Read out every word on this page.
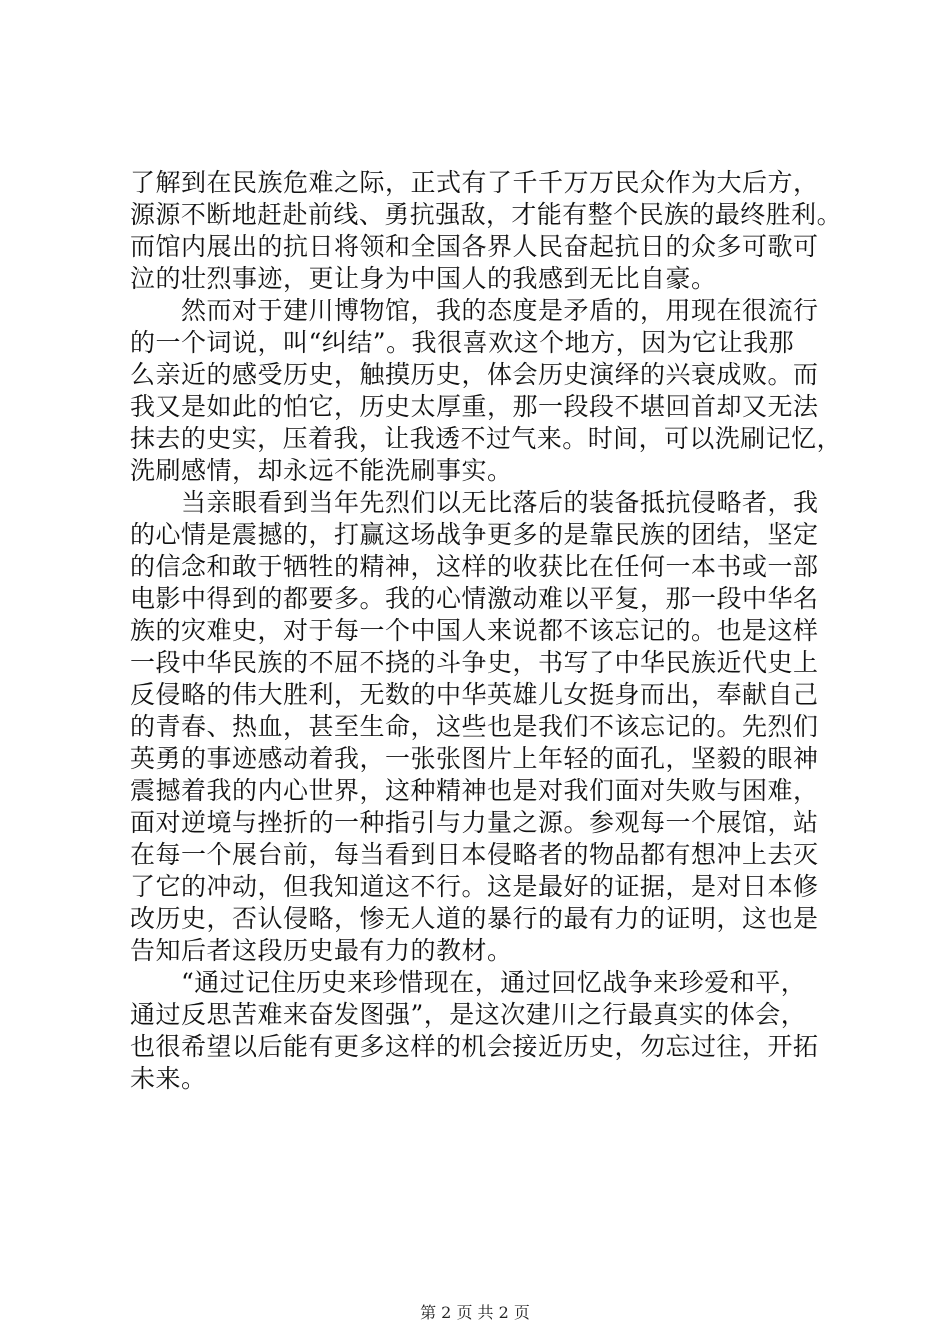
了解到在民族危难之际，正式有了千千万万民众作为大后方，
源源不断地赶赴前线、勇抗强敌，才能有整个民族的最终胜利。
而馆内展出的抗日将领和全国各界人民奋起抗日的众多可歌可
泣的壮烈事迹，更让身为中国人的我感到无比自豪。
　　然而对于建川博物馆，我的态度是矛盾的，用现在很流行
的一个词说，叫“纠结”。我很喜欢这个地方，因为它让我那
么亲近的感受历史，触摸历史，体会历史演绎的兴衰成败。而
我又是如此的怕它，历史太厚重，那一段段不堪回首却又无法
抹去的史实，压着我，让我透不过气来。时间，可以洗刷记忆，
洗刷感情，却永远不能洗刷事实。
　　当亲眼看到当年先烈们以无比落后的装备抵抗侵略者，我
的心情是震撼的，打赢这场战争更多的是靠民族的团结，坚定
的信念和敢于牺牲的精神，这样的收获比在任何一本书或一部
电影中得到的都要多。我的心情激动难以平复，那一段中华名
族的灾难史，对于每一个中国人来说都不该忘记的。也是这样
一段中华民族的不屈不挠的斗争史，书写了中华民族近代史上
反侵略的伟大胜利，无数的中华英雄儿女挺身而出，奉献自己
的青春、热血，甚至生命，这些也是我们不该忘记的。先烈们
英勇的事迹感动着我，一张张图片上年轻的面孔，坚毅的眼神
震撼着我的内心世界，这种精神也是对我们面对失败与困难，
面对逆境与挫折的一种指引与力量之源。参观每一个展馆，站
在每一个展台前，每当看到日本侵略者的物品都有想冲上去灭
了它的冲动，但我知道这不行。这是最好的证据，是对日本修
改历史，否认侵略，惨无人道的暴行的最有力的证明，这也是
告知后者这段历史最有力的教材。
　　“通过记住历史来珍惜现在，通过回忆战争来珍爱和平，
通过反思苦难来奋发图强”，是这次建川之行最真实的体会，
也很希望以后能有更多这样的机会接近历史，勿忘过往，开拓
未来。
第 2 页 共 2 页
